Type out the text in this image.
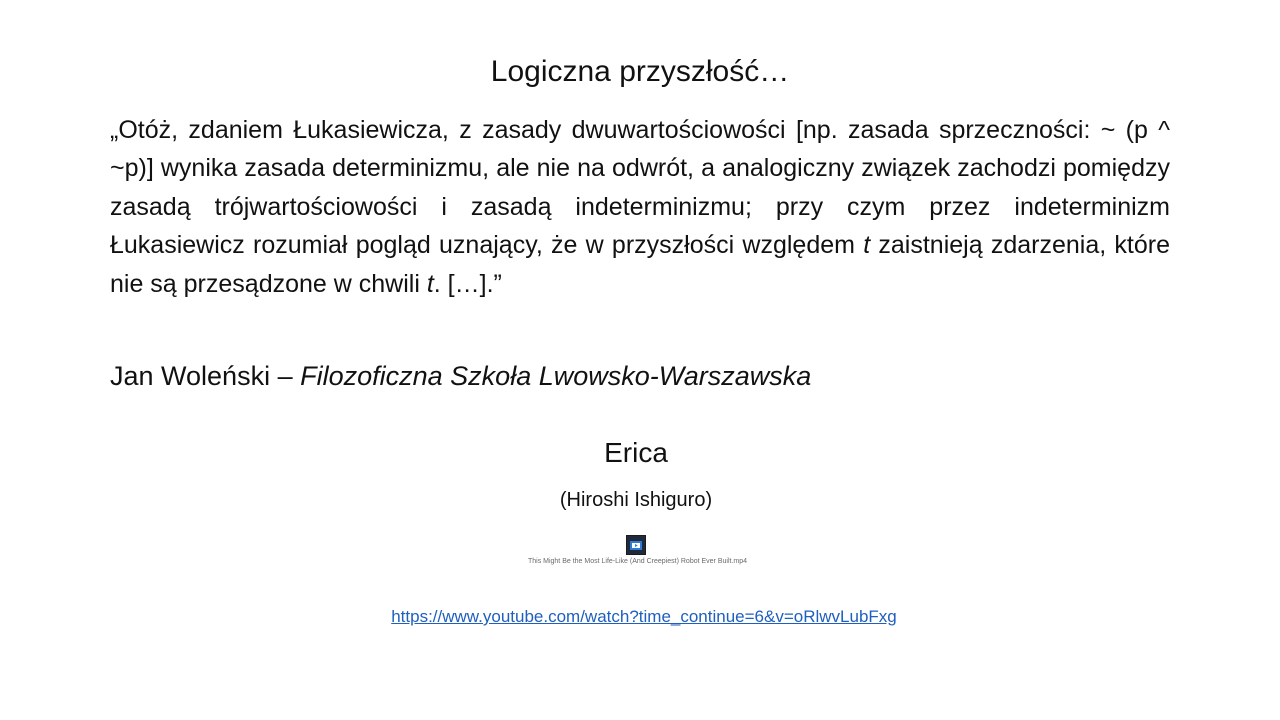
Logiczna przyszłość…
„Otóż, zdaniem Łukasiewicza, z zasady dwuwartościowości [np. zasada sprzeczności: ~ (p ^ ~p)] wynika zasada determinizmu, ale nie na odwrót, a analogiczny związek zachodzi pomiędzy zasadą trójwartościowości i zasadą indeterminizmu; przy czym przez indeterminizm Łukasiewicz rozumiał pogląd uznający, że w przyszłości względem t zaistnieją zdarzenia, które nie są przesądzone w chwili t. […].”
Jan Woleński – Filozoficzna Szkoła Lwowsko-Warszawska
Erica
(Hiroshi Ishiguro)
This Might Be the Most Life-Like (And Creepiest) Robot Ever Built.mp4
https://www.youtube.com/watch?time_continue=6&v=oRlwvLubFxg
